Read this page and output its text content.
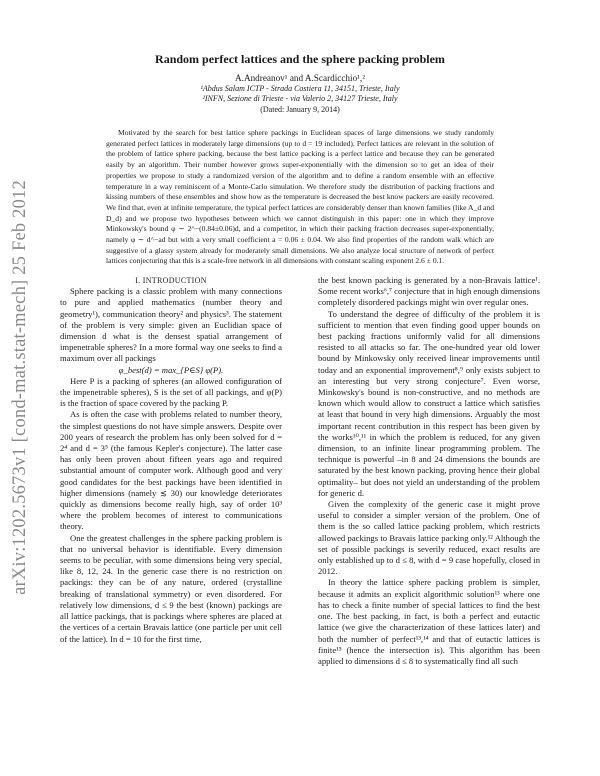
arXiv:1202.5673v1 [cond-mat.stat-mech] 25 Feb 2012
Random perfect lattices and the sphere packing problem
A.Andreanov¹ and A.Scardicchio¹,²
¹Abdus Salam ICTP - Strada Costiera 11, 34151, Trieste, Italy
²INFN, Sezione di Trieste - via Valerio 2, 34127 Trieste, Italy
(Dated: January 9, 2014)
Motivated by the search for best lattice sphere packings in Euclidean spaces of large dimensions we study randomly generated perfect lattices in moderately large dimensions (up to d = 19 included). Perfect lattices are relevant in the solution of the problem of lattice sphere packing, because the best lattice packing is a perfect lattice and because they can be generated easily by an algorithm. Their number however grows super-exponentially with the dimension so to get an idea of their properties we propose to study a randomized version of the algorithm and to define a random ensemble with an effective temperature in a way reminiscent of a Monte-Carlo simulation. We therefore study the distribution of packing fractions and kissing numbers of these ensembles and show how as the temperature is decreased the best know packers are easily recovered. We find that, even at infinite temperature, the typical perfect lattices are considerably denser than known families (like A_d and D_d) and we propose two hypotheses between which we cannot distinguish in this paper: one in which they improve Minkowsky's bound φ ∼ 2^−(0.84±0.06)d, and a competitor, in which their packing fraction decreases super-exponentially, namely φ ∼ d^−ad but with a very small coefficient a = 0.06 ± 0.04. We also find properties of the random walk which are suggestive of a glassy system already for moderately small dimensions. We also analyze local structure of network of perfect lattices conjecturing that this is a scale-free network in all dimensions with constant scaling exponent 2.6 ± 0.1.

I. INTRODUCTION

Sphere packing is a classic problem with many connections to pure and applied mathematics (number theory and geometry¹), communication theory² and physics³. The statement of the problem is very simple: given an Euclidian space of dimension d what is the densest spatial arrangement of impenetrable spheres? In a more formal way one seeks to find a maximum over all packings

φ_best(d) = max_{P∈S} φ(P).

Here P is a packing of spheres (an allowed configuration of the impenetrable spheres), S is the set of all packings, and φ(P) is the fraction of space covered by the packing P.

As is often the case with problems related to number theory, the simplest questions do not have simple answers. Despite over 200 years of research the problem has only been solved for d = 2⁴ and d = 3⁵ (the famous Kepler's conjecture). The latter case has only been proven about fifteen years ago and required substantial amount of computer work. Although good and very good candidates for the best packings have been identified in higher dimensions (namely ≲ 30) our knowledge deteriorates quickly as dimensions become really high, say of order 10³ where the problem becomes of interest to communications theory.

One the greatest challenges in the sphere packing problem is that no universal behavior is identifiable. Every dimension seems to be peculiar, with some dimensions being very special, like 8, 12, 24. In the generic case there is no restriction on packings: they can be of any nature, ordered (crystalline breaking of translational symmetry) or even disordered. For relatively low dimensions, d ≤ 9 the best (known) packings are all lattice packings, that is packings where spheres are placed at the vertices of a certain Bravais lattice (one particle per unit cell of the lattice). In d = 10 for the first time,

the best known packing is generated by a non-Bravais lattice¹. Some recent works⁶,⁷ conjecture that in high enough dimensions completely disordered packings might win over regular ones.

To understand the degree of difficulty of the problem it is sufficient to mention that even finding good upper bounds on best packing fractions uniformly valid for all dimensions resisted to all attacks so far. The one-hundred year old lower bound by Minkowsky only received linear improvements until today and an exponential improvement⁸,⁹ only exists subject to an interesting but very strong conjecture⁷. Even worse, Minkowsky's bound is non-constructive, and no methods are known which would allow to construct a lattice which satisfies at least that bound in very high dimensions. Arguably the most important recent contribution in this respect has been given by the works¹⁰,¹¹ in which the problem is reduced, for any given dimension, to an infinite linear programming problem. The technique is powerful –in 8 and 24 dimensions the bounds are saturated by the best known packing, proving hence their global optimality– but does not yield an understanding of the problem for generic d.

Given the complexity of the generic case it might prove useful to consider a simpler version of the problem. One of them is the so called lattice packing problem, which restricts allowed packings to Bravais lattice packing only.¹² Although the set of possible packings is severily reduced, exact results are only established up to d ≤ 8, with d = 9 case hopefully, closed in 2012.

In theory the lattice sphere packing problem is simpler, because it admits an explicit algorithmic solution¹³ where one has to check a finite number of special lattices to find the best one. The best packing, in fact, is both a perfect and eutactic lattice (we give the characterization of these lattices later) and both the number of perfect¹³,¹⁴ and that of eutactic lattices is finite¹⁵ (hence the intersection is). This algorithm has been applied to dimensions d ≤ 8 to systematically find all such
